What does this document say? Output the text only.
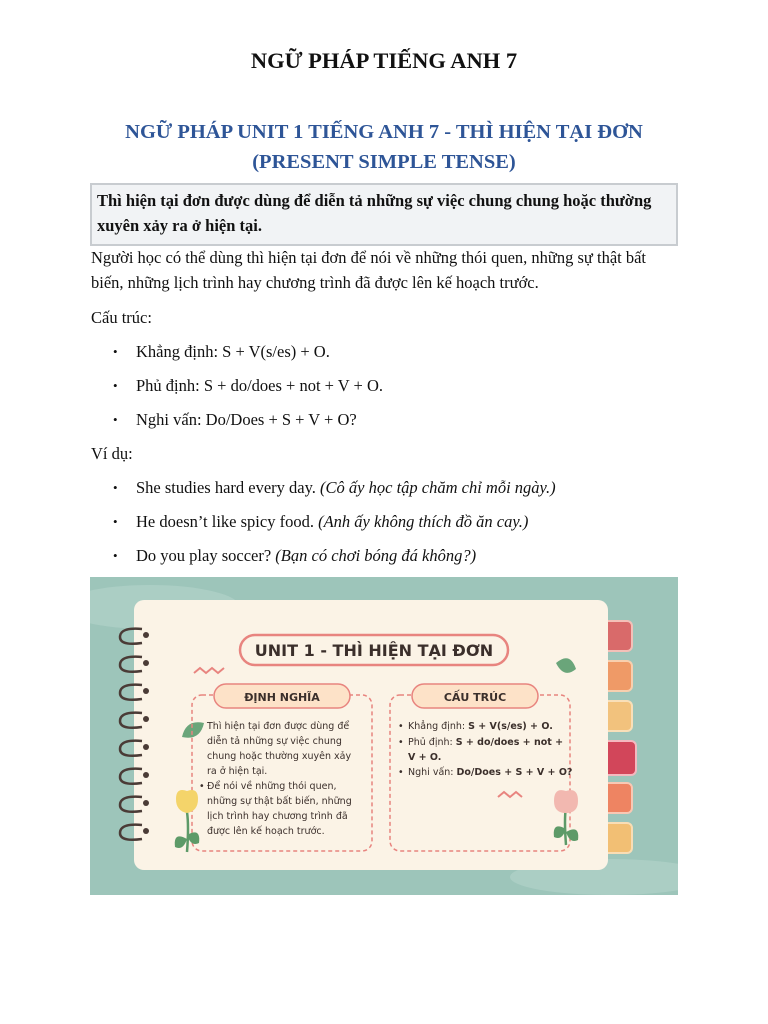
NGỮ PHÁP TIẾNG ANH 7
NGỮ PHÁP UNIT 1 TIẾNG ANH 7 - THÌ HIỆN TẠI ĐƠN
(PRESENT SIMPLE TENSE)
Thì hiện tại đơn được dùng để diễn tả những sự việc chung chung hoặc thường xuyên xảy ra ở hiện tại.
Người học có thể dùng thì hiện tại đơn để nói về những thói quen, những sự thật bất biến, những lịch trình hay chương trình đã được lên kế hoạch trước.
Cấu trúc:
• Khẳng định: S + V(s/es) + O.
• Phủ định: S + do/does + not + V + O.
• Nghi vấn: Do/Does + S + V + O?
Ví dụ:
• She studies hard every day. (Cô ấy học tập chăm chỉ mỗi ngày.)
• He doesn’t like spicy food. (Anh ấy không thích đồ ăn cay.)
• Do you play soccer? (Bạn có chơi bóng đá không?)
UNIT 1 - THÌ HIỆN TẠI ĐƠN
ĐỊNH NGHĨA
Thì hiện tại đơn được dùng để
diễn tả những sự việc chung
chung hoặc thường xuyên xảy
ra ở hiện tại.
• Để nói về những thói quen,
những sự thật bất biến, những
lịch trình hay chương trình đã
được lên kế hoạch trước.
CẤU TRÚC
• Khẳng định: S + V(s/es) + O.
• Phủ định: S + do/does + not +
V + O.
• Nghi vấn: Do/Does + S + V + O?
